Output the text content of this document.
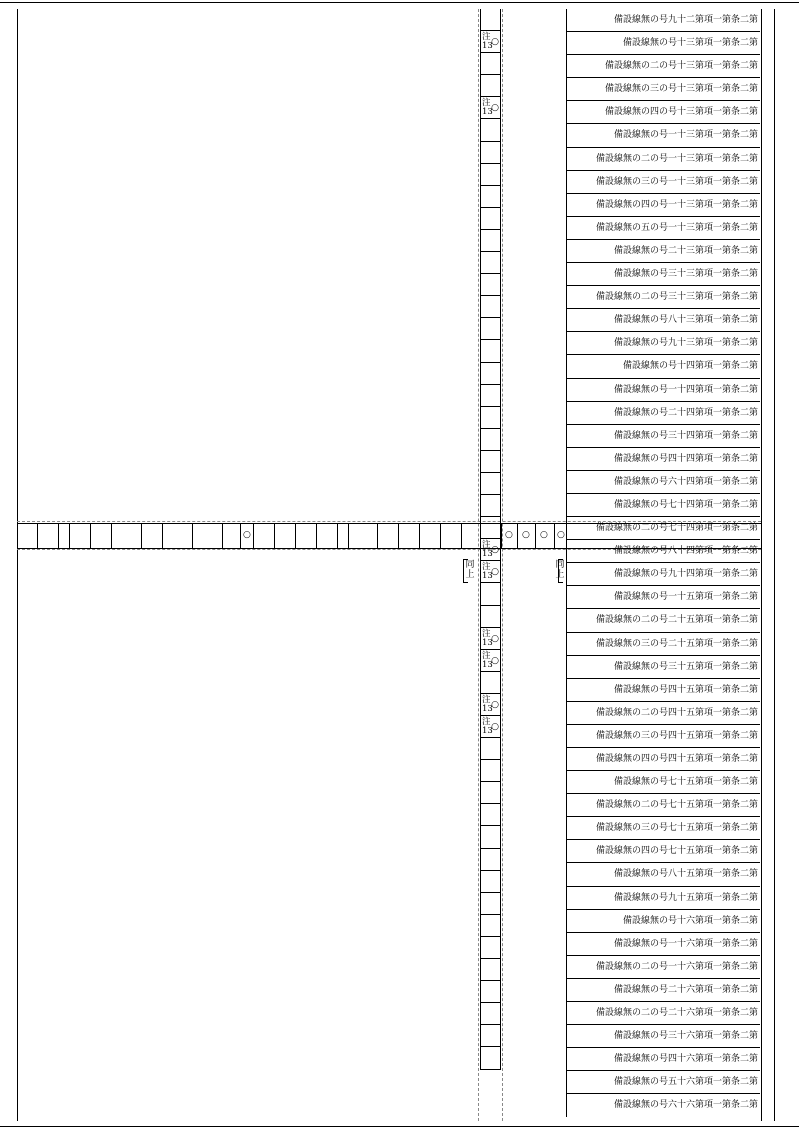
○	○ ○ ○ ○
同上
同上
注
13
○
注
13
○
注
13
○
注
13
○
注
13
○
注
13
○
注
13
○
注
13
○
備設線無の号九十二第項一第条二第
備設線無の号十三第項一第条二第
備設線無の二の号十三第項一第条二第
備設線無の三の号十三第項一第条二第
備設線無の四の号十三第項一第条二第
備設線無の号一十三第項一第条二第
備設線無の二の号一十三第項一第条二第
備設線無の三の号一十三第項一第条二第
備設線無の四の号一十三第項一第条二第
備設線無の五の号一十三第項一第条二第
備設線無の号二十三第項一第条二第
備設線無の号三十三第項一第条二第
備設線無の二の号三十三第項一第条二第
備設線無の号八十三第項一第条二第
備設線無の号九十三第項一第条二第
備設線無の号十四第項一第条二第
備設線無の号一十四第項一第条二第
備設線無の号二十四第項一第条二第
備設線無の号三十四第項一第条二第
備設線無の号四十四第項一第条二第
備設線無の号六十四第項一第条二第
備設線無の号七十四第項一第条二第
備設線無の二の号七十四第項一第条二第
備設線無の号八十四第項一第条二第
備設線無の号九十四第項一第条二第
備設線無の号一十五第項一第条二第
備設線無の二の号二十五第項一第条二第
備設線無の三の号二十五第項一第条二第
備設線無の号三十五第項一第条二第
備設線無の号四十五第項一第条二第
備設線無の二の号四十五第項一第条二第
備設線無の三の号四十五第項一第条二第
備設線無の四の号四十五第項一第条二第
備設線無の号七十五第項一第条二第
備設線無の二の号七十五第項一第条二第
備設線無の三の号七十五第項一第条二第
備設線無の四の号七十五第項一第条二第
備設線無の号八十五第項一第条二第
備設線無の号九十五第項一第条二第
備設線無の号十六第項一第条二第
備設線無の号一十六第項一第条二第
備設線無の二の号一十六第項一第条二第
備設線無の号二十六第項一第条二第
備設線無の二の号二十六第項一第条二第
備設線無の号三十六第項一第条二第
備設線無の号四十六第項一第条二第
備設線無の号五十六第項一第条二第
備設線無の号六十六第項一第条二第
